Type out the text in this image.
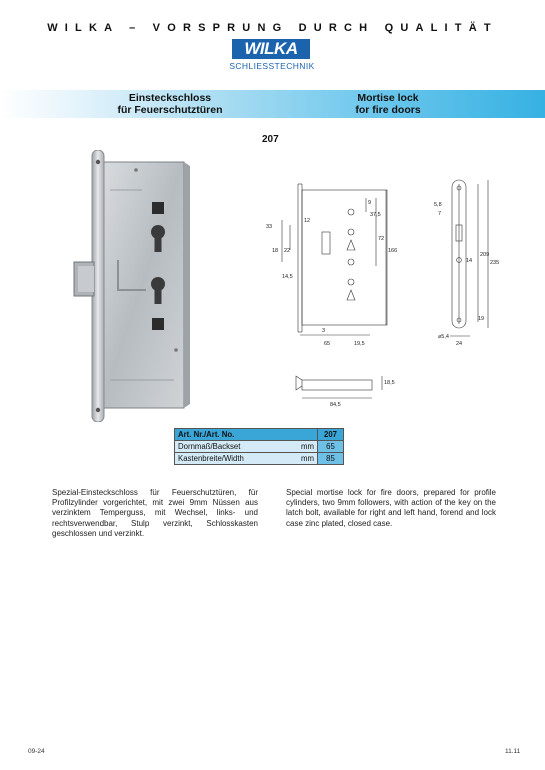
WILKA – VORSPRUNG DURCH QUALITÄT
WILKA
SCHLIESSTECHNIK
Einsteckschloss
für Feuerschutztüren
Mortise lock
for fire doors
207
9
37,5
72
166
33
12
18 22
14,5
3
65	19,5
5,8
7
209
235
14
19
⌀5,4
24
18,5
84,5
Art. Nr./Art. No.		207
Dornmaß/Backset	mm	65
Kastenbreite/Width	mm	85
Spezial-Einsteckschloss für Feuerschutztüren, für Profilzylinder vorgerichtet, mit zwei 9mm Nüssen aus verzinktem Temperguss, mit Wechsel, links- und rechtsverwendbar, Stulp verzinkt, Schlosskasten geschlossen und verzinkt.
Special mortise lock for fire doors, prepared for profile cylinders, two 9mm followers, with action of the key on the latch bolt, available for right and left hand, forend and lock case zinc plated, closed case.
09-24	11.11
